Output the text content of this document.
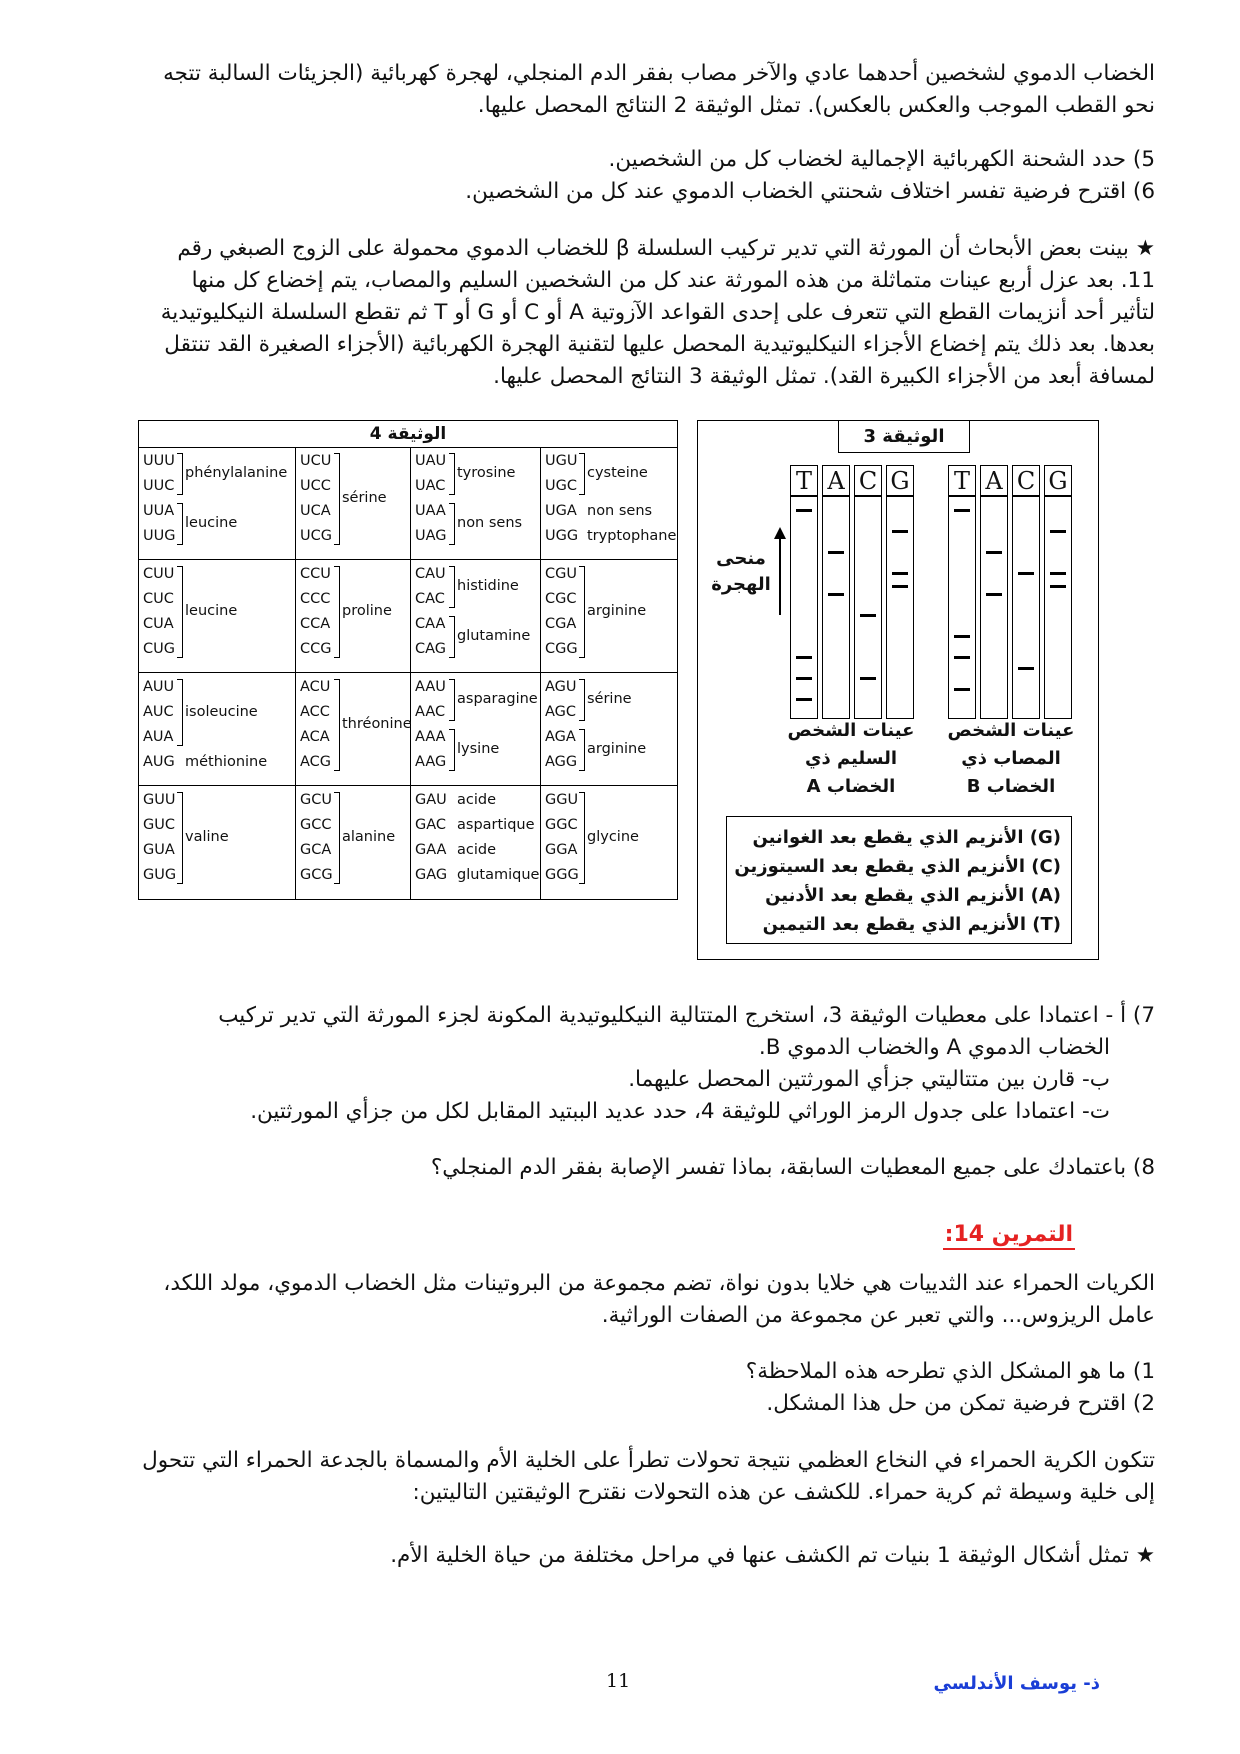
الخضاب الدموي لشخصين أحدهما عادي والآخر مصاب بفقر الدم المنجلي، لهجرة كهربائية (الجزيئات السالبة تتجه
نحو القطب الموجب والعكس بالعكس). تمثل الوثيقة 2 النتائج المحصل عليها.
5) حدد الشحنة الكهربائية الإجمالية لخضاب كل من الشخصين.
6) اقترح فرضية تفسر اختلاف شحنتي الخضاب الدموي عند كل من الشخصين.
★ بينت بعض الأبحاث أن المورثة التي تدير تركيب السلسلة β للخضاب الدموي محمولة على الزوج الصبغي رقم
11. بعد عزل أربع عينات متماثلة من هذه المورثة عند كل من الشخصين السليم والمصاب، يتم إخضاع كل منها
لتأثير أحد أنزيمات القطع التي تتعرف على إحدى القواعد الآزوتية A أو C أو G أو T ثم تقطع السلسلة النيكليوتيدية
بعدها. بعد ذلك يتم إخضاع الأجزاء النيكليوتيدية المحصل عليها لتقنية الهجرة الكهربائية (الأجزاء الصغيرة القد تنتقل
لمسافة أبعد من الأجزاء الكبيرة القد). تمثل الوثيقة 3 النتائج المحصل عليها.
الوثيقة 4
UUU
UUC
UUA
UUG
phénylalanine
leucine
UCU
UCC
UCA
UCG
sérine
UAU
UAC
UAA
UAG
tyrosine
non sens
UGU
UGC
UGA
UGG
cysteine
non sens
tryptophane
CUU
CUC
CUA
CUG
leucine
CCU
CCC
CCA
CCG
proline
CAU
CAC
CAA
CAG
histidine
glutamine
CGU
CGC
CGA
CGG
arginine
AUU
AUC
AUA
AUG
isoleucine
méthionine
ACU
ACC
ACA
ACG
thréonine
AAU
AAC
AAA
AAG
asparagine
lysine
AGU
AGC
AGA
AGG
sérine
arginine
GUU
GUC
GUA
GUG
valine
GCU
GCC
GCA
GCG
alanine
GAU
GAC
GAA
GAG
acide
aspartique
acide
glutamique
GGU
GGC
GGA
GGG
glycine
الوثيقة 3
منحى
الهجرة
T A C G T A C G
عينات الشخص
السليم ذي
الخضاب A
عينات الشخص
المصاب ذي
الخضاب B
(G) الأنزيم الذي يقطع بعد الغوانين
(C) الأنزيم الذي يقطع بعد السيتوزين
(A) الأنزيم الذي يقطع بعد الأدنين
(T) الأنزيم الذي يقطع بعد التيمين
7) أ - اعتمادا على معطيات الوثيقة 3، استخرج المتتالية النيكليوتيدية المكونة لجزء المورثة التي تدير تركيب
الخضاب الدموي A والخضاب الدموي B.
ب- قارن بين متتاليتي جزأي المورثتين المحصل عليهما.
ت- اعتمادا على جدول الرمز الوراثي للوثيقة 4، حدد عديد الببتيد المقابل لكل من جزأي المورثتين.
8) باعتمادك على جميع المعطيات السابقة، بماذا تفسر الإصابة بفقر الدم المنجلي؟
التمرين 14:
الكريات الحمراء عند الثدييات هي خلايا بدون نواة، تضم مجموعة من البروتينات مثل الخضاب الدموي، مولد اللكد،
عامل الريزوس... والتي تعبر عن مجموعة من الصفات الوراثية.
1) ما هو المشكل الذي تطرحه هذه الملاحظة؟
2) اقترح فرضية تمكن من حل هذا المشكل.
تتكون الكرية الحمراء في النخاع العظمي نتيجة تحولات تطرأ على الخلية الأم والمسماة بالجدعة الحمراء التي تتحول
إلى خلية وسيطة ثم كرية حمراء. للكشف عن هذه التحولات نقترح الوثيقتين التاليتين:
★ تمثل أشكال الوثيقة 1 بنيات تم الكشف عنها في مراحل مختلفة من حياة الخلية الأم.
11	ذ- يوسف الأندلسي
